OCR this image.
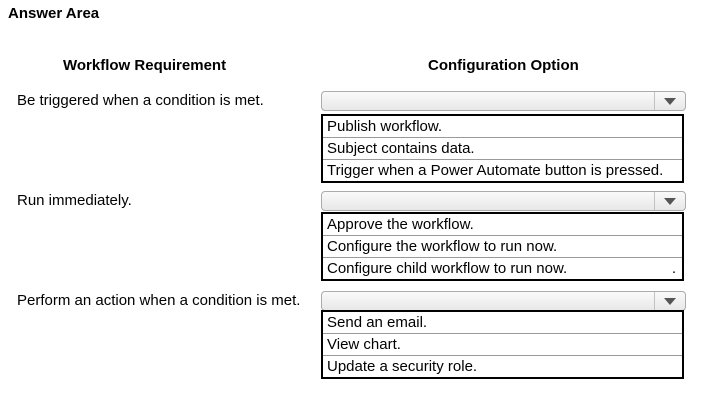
Answer Area
Workflow Requirement	Configuration Option
Be triggered when a condition is met.
Publish workflow.
Subject contains data.
Trigger when a Power Automate button is pressed.
Run immediately.
Approve the workflow.
Configure the workflow to run now.
Configure child workflow to run now.	.
Perform an action when a condition is met.
Send an email.
View chart.
Update a security role.
